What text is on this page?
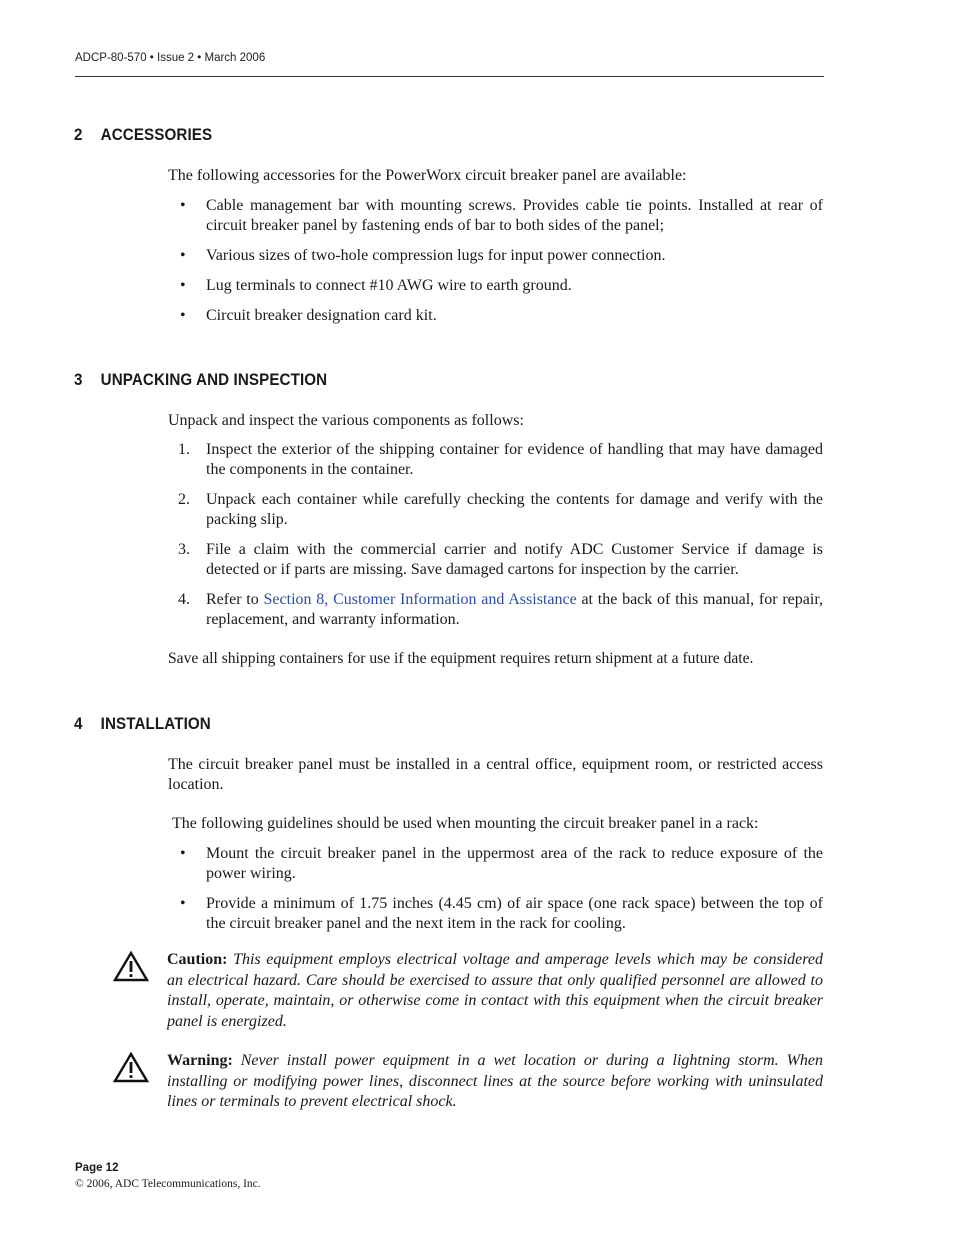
ADCP-80-570 • Issue 2 • March 2006
2 ACCESSORIES
The following accessories for the PowerWorx circuit breaker panel are available:
• Cable management bar with mounting screws. Provides cable tie points. Installed at rear of circuit breaker panel by fastening ends of bar to both sides of the panel;
• Various sizes of two-hole compression lugs for input power connection.
• Lug terminals to connect #10 AWG wire to earth ground.
• Circuit breaker designation card kit.
3 UNPACKING AND INSPECTION
Unpack and inspect the various components as follows:
1. Inspect the exterior of the shipping container for evidence of handling that may have damaged the components in the container.
2. Unpack each container while carefully checking the contents for damage and verify with the packing slip.
3. File a claim with the commercial carrier and notify ADC Customer Service if damage is detected or if parts are missing. Save damaged cartons for inspection by the carrier.
4. Refer to Section 8, Customer Information and Assistance at the back of this manual, for repair, replacement, and warranty information.
Save all shipping containers for use if the equipment requires return shipment at a future date.
4 INSTALLATION
The circuit breaker panel must be installed in a central office, equipment room, or restricted access location.
The following guidelines should be used when mounting the circuit breaker panel in a rack:
• Mount the circuit breaker panel in the uppermost area of the rack to reduce exposure of the power wiring.
• Provide a minimum of 1.75 inches (4.45 cm) of air space (one rack space) between the top of the circuit breaker panel and the next item in the rack for cooling.
Caution: This equipment employs electrical voltage and amperage levels which may be considered an electrical hazard. Care should be exercised to assure that only qualified personnel are allowed to install, operate, maintain, or otherwise come in contact with this equipment when the circuit breaker panel is energized.
Warning: Never install power equipment in a wet location or during a lightning storm. When installing or modifying power lines, disconnect lines at the source before working with uninsulated lines or terminals to prevent electrical shock.
Page 12
© 2006, ADC Telecommunications, Inc.
